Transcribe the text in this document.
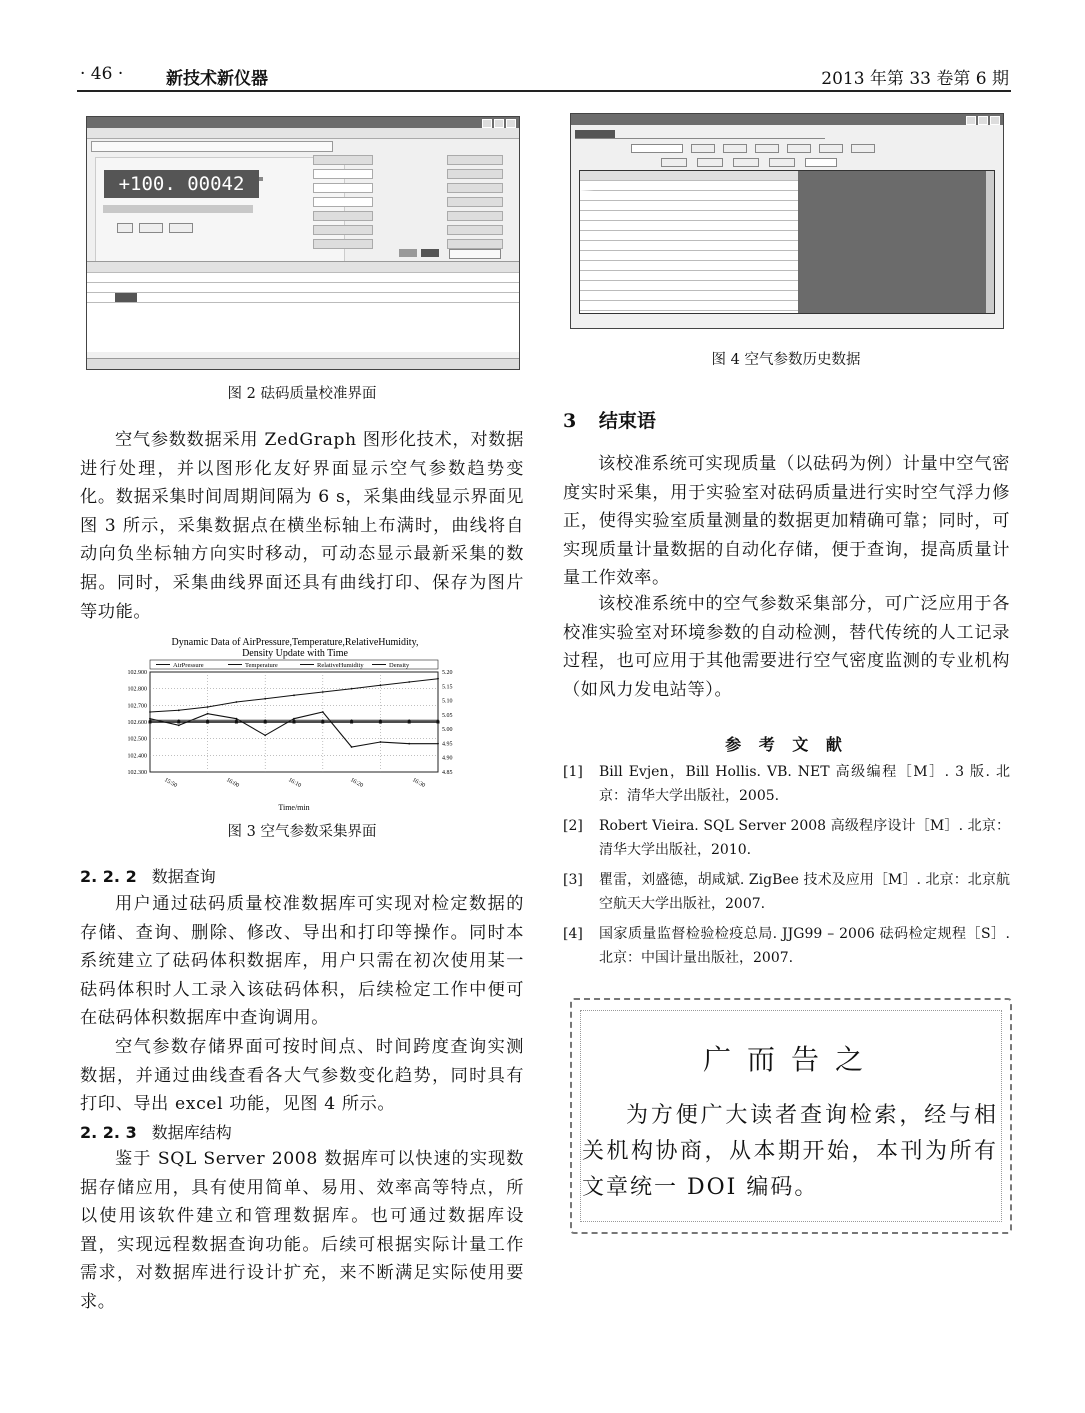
· 46 ·	新技术新仪器	2013 年第 33 卷第 6 期
+100. 00042
图 2 砝码质量校准界面
图 4 空气参数历史数据
空气参数数据采用 ZedGraph 图形化技术，对数据进行处理，并以图形化友好界面显示空气参数趋势变化。数据采集时间周期间隔为 6 s，采集曲线显示界面见图 3 所示，采集数据点在横坐标轴上布满时，曲线将自动向负坐标轴方向实时移动，可动态显示最新采集的数据。同时，采集曲线界面还具有曲线打印、保存为图片等功能。
Dynamic Data of AirPressure,Temperature,RelativeHumidity,
Density Update with Time
AirPressure	Temperature	RelativeHumidity	Density
102.300
102.400
102.500
102.600
102.700
102.800
102.900
4.85
4.90
4.95
5.00
5.05
5.10
5.15
5.20
15:50	16:00	16:10	16:20	16:30
Time/min
图 3 空气参数采集界面
2. 2. 2 数据查询
用户通过砝码质量校准数据库可实现对检定数据的存储、查询、删除、修改、导出和打印等操作。同时本系统建立了砝码体积数据库，用户只需在初次使用某一砝码体积时人工录入该砝码体积，后续检定工作中便可在砝码体积数据库中查询调用。
空气参数存储界面可按时间点、时间跨度查询实测数据，并通过曲线查看各大气参数变化趋势，同时具有打印、导出 excel 功能，见图 4 所示。
2. 2. 3 数据库结构
鉴于 SQL Server 2008 数据库可以快速的实现数据存储应用，具有使用简单、易用、效率高等特点，所以使用该软件建立和管理数据库。也可通过数据库设置，实现远程数据查询功能。后续可根据实际计量工作需求，对数据库进行设计扩充，来不断满足实际使用要求。
3 结束语
该校准系统可实现质量（以砝码为例）计量中空气密度实时采集，用于实验室对砝码质量进行实时空气浮力修正，使得实验室质量测量的数据更加精确可靠；同时，可实现质量计量数据的自动化存储，便于查询，提高质量计量工作效率。
该校准系统中的空气参数采集部分，可广泛应用于各校准实验室对环境参数的自动检测，替代传统的人工记录过程，也可应用于其他需要进行空气密度监测的专业机构（如风力发电站等）。
参 考 文 献
[1]	Bill Evjen，Bill Hollis. VB. NET 高级编程［M］. 3 版. 北京：清华大学出版社，2005.
[2]	Robert Vieira. SQL Server 2008 高级程序设计［M］. 北京：清华大学出版社，2010.
[3]	瞿雷，刘盛德，胡咸斌. ZigBee 技术及应用［M］. 北京：北京航空航天大学出版社，2007.
[4]	国家质量监督检验检疫总局. JJG99 – 2006 砝码检定规程［S］. 北京：中国计量出版社，2007.
广而告之
为方便广大读者查询检索，经与相关机构协商，从本期开始，本刊为所有文章统一 DOI 编码。
